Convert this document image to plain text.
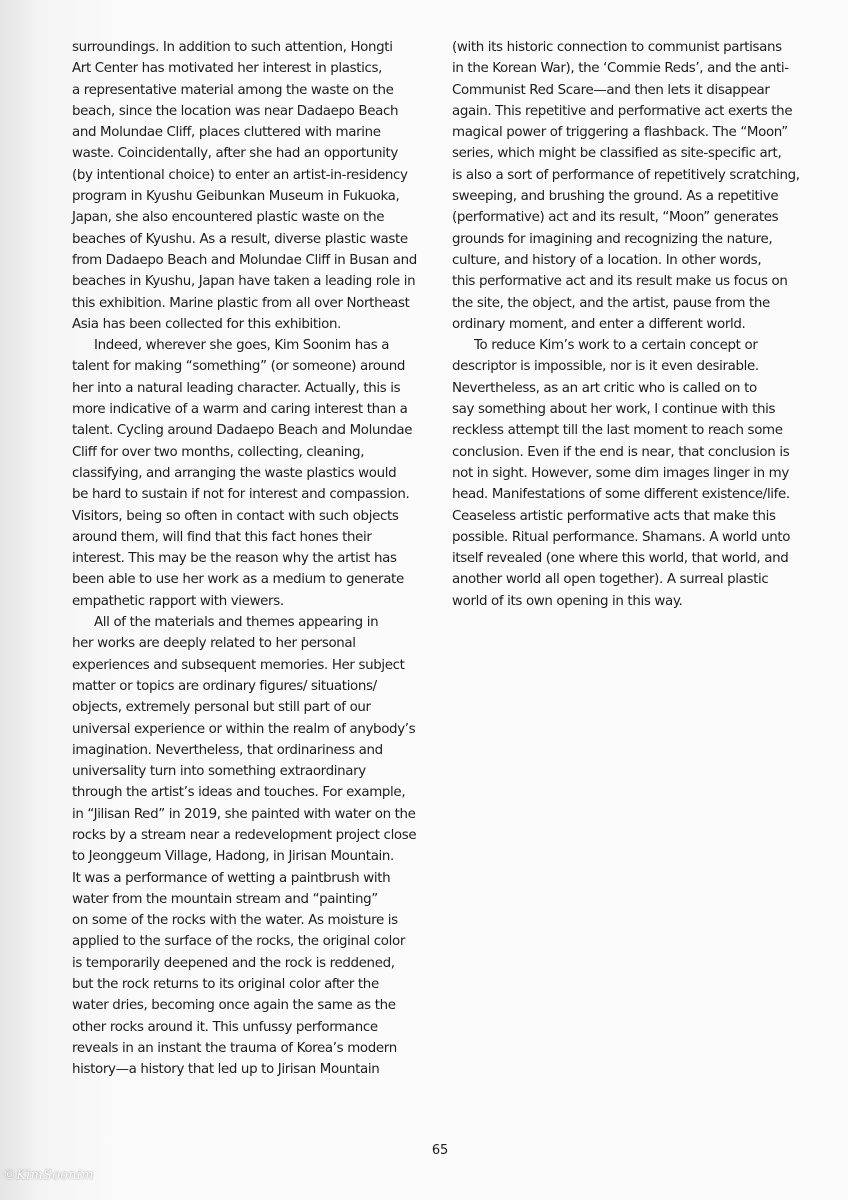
surroundings. In addition to such attention, Hongti
Art Center has motivated her interest in plastics,
a representative material among the waste on the
beach, since the location was near Dadaepo Beach
and Molundae Cliff, places cluttered with marine
waste. Coincidentally, after she had an opportunity
(by intentional choice) to enter an artist-in-residency
program in Kyushu Geibunkan Museum in Fukuoka,
Japan, she also encountered plastic waste on the
beaches of Kyushu. As a result, diverse plastic waste
from Dadaepo Beach and Molundae Cliff in Busan and
beaches in Kyushu, Japan have taken a leading role in
this exhibition. Marine plastic from all over Northeast
Asia has been collected for this exhibition.
Indeed, wherever she goes, Kim Soonim has a
talent for making “something” (or someone) around
her into a natural leading character. Actually, this is
more indicative of a warm and caring interest than a
talent. Cycling around Dadaepo Beach and Molundae
Cliff for over two months, collecting, cleaning,
classifying, and arranging the waste plastics would
be hard to sustain if not for interest and compassion.
Visitors, being so often in contact with such objects
around them, will find that this fact hones their
interest. This may be the reason why the artist has
been able to use her work as a medium to generate
empathetic rapport with viewers.
All of the materials and themes appearing in
her works are deeply related to her personal
experiences and subsequent memories. Her subject
matter or topics are ordinary figures/ situations/
objects, extremely personal but still part of our
universal experience or within the realm of anybody’s
imagination. Nevertheless, that ordinariness and
universality turn into something extraordinary
through the artist’s ideas and touches. For example,
in “Jilisan Red” in 2019, she painted with water on the
rocks by a stream near a redevelopment project close
to Jeonggeum Village, Hadong, in Jirisan Mountain.
It was a performance of wetting a paintbrush with
water from the mountain stream and “painting”
on some of the rocks with the water. As moisture is
applied to the surface of the rocks, the original color
is temporarily deepened and the rock is reddened,
but the rock returns to its original color after the
water dries, becoming once again the same as the
other rocks around it. This unfussy performance
reveals in an instant the trauma of Korea’s modern
history—a history that led up to Jirisan Mountain
(with its historic connection to communist partisans
in the Korean War), the ‘Commie Reds’, and the anti-
Communist Red Scare—and then lets it disappear
again. This repetitive and performative act exerts the
magical power of triggering a flashback. The “Moon”
series, which might be classified as site-specific art,
is also a sort of performance of repetitively scratching,
sweeping, and brushing the ground. As a repetitive
(performative) act and its result, “Moon” generates
grounds for imagining and recognizing the nature,
culture, and history of a location. In other words,
this performative act and its result make us focus on
the site, the object, and the artist, pause from the
ordinary moment, and enter a different world.
To reduce Kim’s work to a certain concept or
descriptor is impossible, nor is it even desirable.
Nevertheless, as an art critic who is called on to
say something about her work, I continue with this
reckless attempt till the last moment to reach some
conclusion. Even if the end is near, that conclusion is
not in sight. However, some dim images linger in my
head. Manifestations of some different existence/life.
Ceaseless artistic performative acts that make this
possible. Ritual performance. Shamans. A world unto
itself revealed (one where this world, that world, and
another world all open together). A surreal plastic
world of its own opening in this way.
65
©KimSoonim
